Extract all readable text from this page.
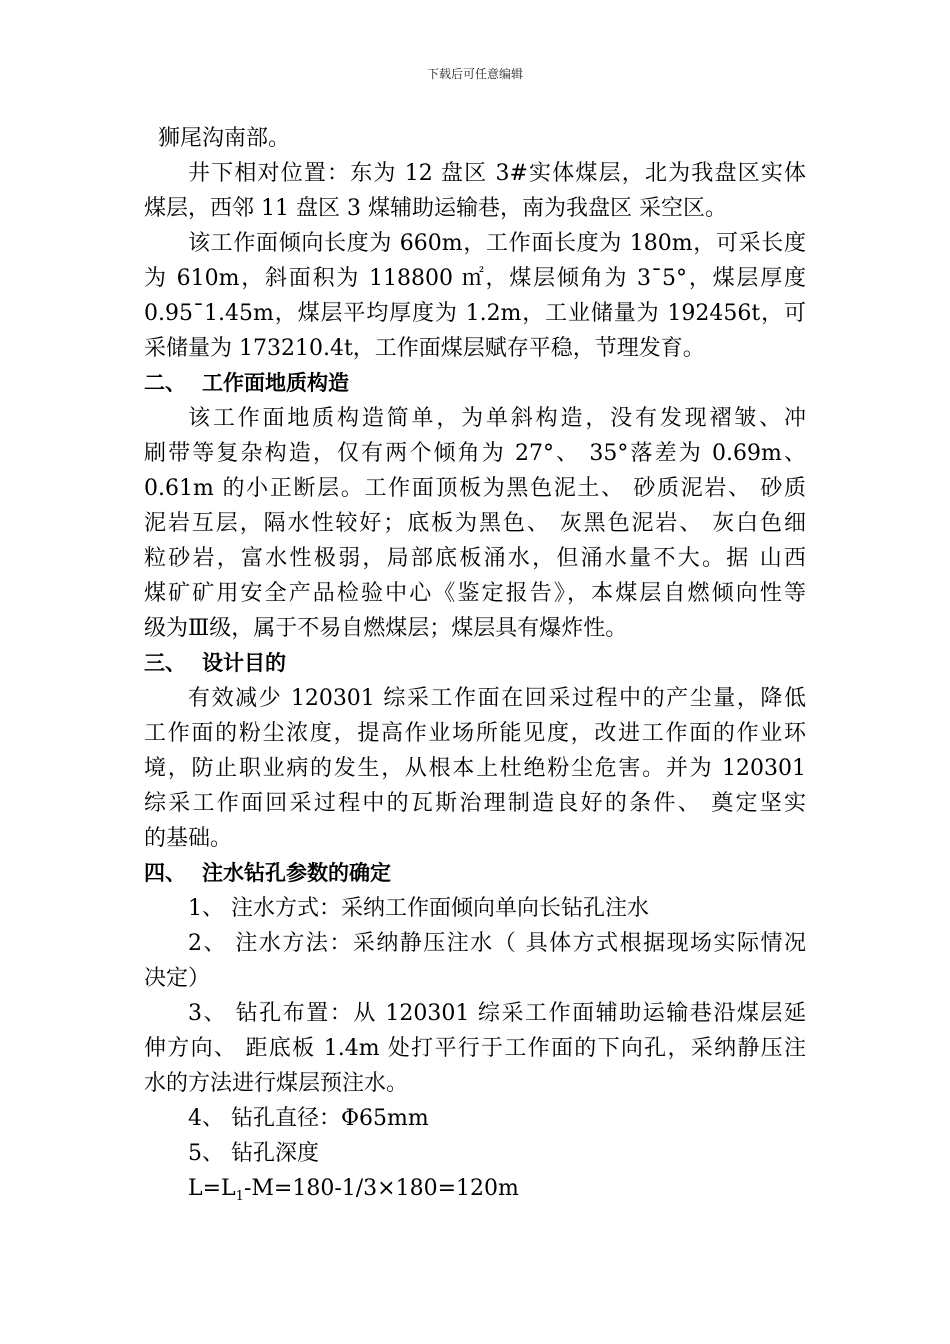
下载后可任意编辑
狮尾沟南部。
井下相对位置：东为 12 盘区 3#实体煤层，北为我盘区实体
煤层，西邻 11 盘区 3 煤辅助运输巷，南为我盘区 采空区。
该工作面倾向长度为 660m，工作面长度为 180m，可采长度
为 610m，斜面积为 118800 ㎡，煤层倾角为 3¯5°，煤层厚度
0.95¯1.45m，煤层平均厚度为 1.2m，工业储量为 192456t，可
采储量为 173210.4t，工作面煤层赋存平稳，节理发育。
二、 工作面地质构造
该工作面地质构造简单，为单斜构造，没有发现褶皱、冲
刷带等复杂构造，仅有两个倾角为 27°、 35°落差为 0.69m、
0.61m 的小正断层。工作面顶板为黑色泥土、 砂质泥岩、 砂质
泥岩互层，隔水性较好；底板为黑色、 灰黑色泥岩、 灰白色细
粒砂岩，富水性极弱，局部底板涌水，但涌水量不大。据 山西
煤矿矿用安全产品检验中心《鉴定报告》，本煤层自燃倾向性等
级为Ⅲ级，属于不易自燃煤层；煤层具有爆炸性。
三、 设计目的
有效减少 120301 综采工作面在回采过程中的产尘量，降低
工作面的粉尘浓度，提高作业场所能见度，改进工作面的作业环
境，防止职业病的发生，从根本上杜绝粉尘危害。并为 120301
综采工作面回采过程中的瓦斯治理制造良好的条件、 奠定坚实
的基础。
四、 注水钻孔参数的确定
1、 注水方式：采纳工作面倾向单向长钻孔注水
2、 注水方法：采纳静压注水（ 具体方式根据现场实际情况
决定）
3、 钻孔布置：从 120301 综采工作面辅助运输巷沿煤层延
伸方向、 距底板 1.4m 处打平行于工作面的下向孔，采纳静压注
水的方法进行煤层预注水。
4、 钻孔直径：Φ65mm
5、 钻孔深度
$L=L_1-M=180-1/3\times 180=120m$
